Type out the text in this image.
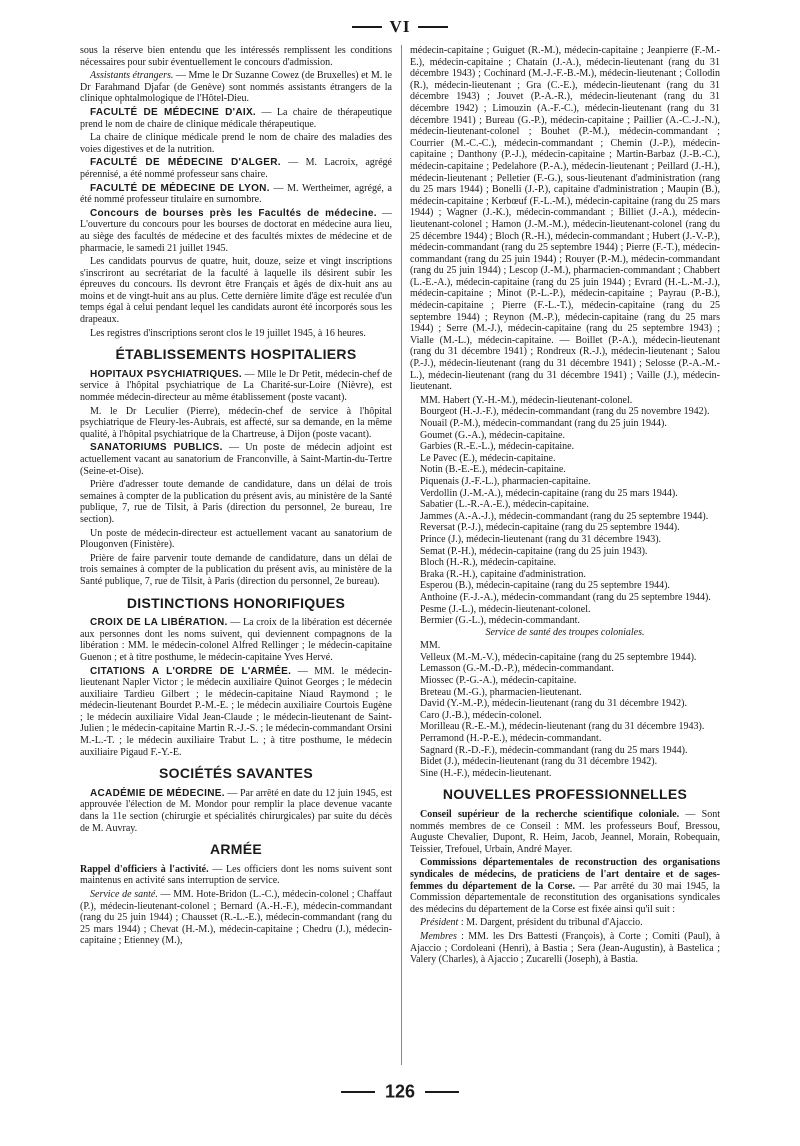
VI

sous la réserve bien entendu que les intéressés remplissent les conditions nécessaires pour subir éventuellement le concours d'admission.

Assistants étrangers. — Mme le Dr Suzanne Cowez (de Bruxelles) et M. le Dr Farahmand Djafar (de Genève) sont nommés assistants étrangers de la clinique ophtalmologique de l'Hôtel-Dieu.

FACULTÉ DE MÉDECINE D'AIX. — La chaire de thérapeutique prend le nom de chaire de clinique médicale thérapeutique.

La chaire de clinique médicale prend le nom de chaire des maladies des voies digestives et de la nutrition.

FACULTÉ DE MÉDECINE D'ALGER. — M. Lacroix, agrégé pérennisé, a été nommé professeur sans chaire.

FACULTÉ DE MÉDECINE DE LYON. — M. Wertheimer, agrégé, a été nommé professeur titulaire en surnombre.

Concours de bourses près les Facultés de médecine. — L'ouverture du concours pour les bourses de doctorat en médecine aura lieu, au siège des facultés de médecine et des facultés mixtes de médecine et de pharmacie, le samedi 21 juillet 1945.

Les candidats pourvus de quatre, huit, douze, seize et vingt inscriptions s'inscriront au secrétariat de la faculté à laquelle ils désirent subir les épreuves du concours. Ils devront être Français et âgés de dix-huit ans au moins et de vingt-huit ans au plus. Cette dernière limite d'âge est reculée d'un temps égal à celui pendant lequel les candidats auront été incorporés sous les drapeaux.

Les registres d'inscriptions seront clos le 19 juillet 1945, à 16 heures.

ÉTABLISSEMENTS HOSPITALIERS

HOPITAUX PSYCHIATRIQUES. — Mlle le Dr Petit, médecin-chef de service à l'hôpital psychiatrique de La Charité-sur-Loire (Nièvre), est nommée médecin-directeur au même établissement (poste vacant).

M. le Dr Leculier (Pierre), médecin-chef de service à l'hôpital psychiatrique de Fleury-les-Aubrais, est affecté, sur sa demande, en la même qualité, à l'hôpital psychiatrique de la Chartreuse, à Dijon (poste vacant).

SANATORIUMS PUBLICS. — Un poste de médecin adjoint est actuellement vacant au sanatorium de Franconville, à Saint-Martin-du-Tertre (Seine-et-Oise).

Prière d'adresser toute demande de candidature, dans un délai de trois semaines à compter de la publication du présent avis, au ministère de la Santé publique, 7, rue de Tilsit, à Paris (direction du personnel, 2e bureau, 1re section).

Un poste de médecin-directeur est actuellement vacant au sanatorium de Plougonven (Finistère).

Prière de faire parvenir toute demande de candidature, dans un délai de trois semaines à compter de la publication du présent avis, au ministère de la Santé publique, 7, rue de Tilsit, à Paris (direction du personnel, 2e bureau).

DISTINCTIONS HONORIFIQUES

CROIX DE LA LIBÉRATION. — La croix de la libération est décernée aux personnes dont les noms suivent, qui deviennent compagnons de la libération : MM. le médecin-colonel Alfred Rellinger ; le médecin-capitaine Guenon ; et à titre posthume, le médecin-capitaine Yves Hervé.

CITATIONS A L'ORDRE DE L'ARMÉE. — MM. le médecin-lieutenant Napler Victor ; le médecin auxiliaire Quinot Georges ; le médecin auxiliaire Tardieu Gilbert ; le médecin-capitaine Niaud Raymond ; le médecin-lieutenant Bourdet P.-M.-E. ; le médecin auxiliaire Courtois Eugène ; le médecin auxiliaire Vidal Jean-Claude ; le médecin-lieutenant de Saint-Julien ; le médecin-capitaine Martin R.-J.-S. ; le médecin-commandant Orsini M.-L.-T. ; le médecin auxiliaire Trabut L. ; à titre posthume, le médecin auxiliaire Pigaud F.-Y.-E.

SOCIÉTÉS SAVANTES

ACADÉMIE DE MÉDECINE. — Par arrêté en date du 12 juin 1945, est approuvée l'élection de M. Mondor pour remplir la place devenue vacante dans la 11e section (chirurgie et spécialités chirurgicales) par suite du décès de M. Auvray.

ARMÉE

Rappel d'officiers à l'activité. — Les officiers dont les noms suivent sont maintenus en activité sans interruption de service.

Service de santé. — MM. Hote-Bridon (L.-C.), médecin-colonel ; Chaffaut (P.), médecin-lieutenant-colonel ; Bernard (A.-H.-F.), médecin-commandant (rang du 25 juin 1944) ; Chausset (R.-L.-E.), médecin-commandant (rang du 25 mars 1944) ; Chevat (H.-M.), médecin-capitaine ; Chedru (J.), médecin-capitaine ; Etienney (M.),

médecin-capitaine ; Guiguet (R.-M.), médecin-capitaine ; Jeanpierre (F.-M.-E.), médecin-capitaine ; Chatain (J.-A.), médecin-lieutenant (rang du 31 décembre 1943) ; Cochinard (M.-J.-F.-B.-M.), médecin-lieutenant ; Collodin (R.), médecin-lieutenant ; Gra (C.-E.), médecin-lieutenant (rang du 31 décembre 1943) ; Jouvet (P.-A.-R.), médecin-lieutenant (rang du 31 décembre 1942) ; Limouzin (A.-F.-C.), médecin-lieutenant (rang du 31 décembre 1941) ; Bureau (G.-P.), médecin-capitaine ; Paillier (A.-C.-J.-N.), médecin-lieutenant-colonel ; Bouhet (P.-M.), médecin-commandant ; Courrier (M.-C.-C.), médecin-commandant ; Chemin (J.-P.), médecin-capitaine ; Danthony (P.-J.), médecin-capitaine ; Martin-Barbaz (J.-B.-C.), médecin-capitaine ; Pedelahore (P.-A.), médecin-lieutenant ; Peillard (J.-H.), médecin-lieutenant ; Pelletier (F.-G.), sous-lieutenant d'administration (rang du 25 mars 1944) ; Bonelli (J.-P.), capitaine d'administration ; Maupin (B.), médecin-capitaine ; Kerbœuf (F.-L.-M.), médecin-capitaine (rang du 25 mars 1944) ; Wagner (J.-K.), médecin-commandant ; Billiet (J.-A.), médecin-lieutenant-colonel ; Hamon (J.-M.-M.), médecin-lieutenant-colonel (rang du 25 décembre 1944) ; Bloch (R.-H.), médecin-commandant ; Hubert (J.-V.-P.), médecin-commandant (rang du 25 septembre 1944) ; Pierre (F.-T.), médecin-commandant (rang du 25 juin 1944) ; Rouyer (P.-M.), médecin-commandant (rang du 25 juin 1944) ; Lescop (J.-M.), pharmacien-commandant ; Chabbert (L.-E.-A.), médecin-capitaine (rang du 25 juin 1944) ; Evrard (H.-L.-M.-J.), médecin-capitaine ; Minot (P.-L.-P.), médecin-capitaine ; Payrau (P.-B.), médecin-capitaine ; Pierre (F.-L.-T.), médecin-capitaine (rang du 25 septembre 1944) ; Reynon (M.-P.), médecin-capitaine (rang du 25 mars 1944) ; Serre (M.-J.), médecin-capitaine (rang du 25 septembre 1943) ; Vialle (M.-L.), médecin-capitaine. — Boillet (P.-A.), médecin-lieutenant (rang du 31 décembre 1941) ; Rondreux (R.-J.), médecin-lieutenant ; Salou (P.-J.), médecin-lieutenant (rang du 31 décembre 1941) ; Selosse (P.-A.-M.-L.), médecin-lieutenant (rang du 31 décembre 1941) ; Vaille (J.), médecin-lieutenant.

MM. Habert (Y.-H.-M.), médecin-lieutenant-colonel.

Bourgeot (H.-J.-F.), médecin-commandant (rang du 25 novembre 1942).

Nouail (P.-M.), médecin-commandant (rang du 25 juin 1944).

Goumet (G.-A.), médecin-capitaine.

Garbies (R.-E.-L.), médecin-capitaine.

Le Pavec (E.), médecin-capitaine.

Notin (B.-E.-E.), médecin-capitaine.

Piquenais (J.-F.-L.), pharmacien-capitaine.

Verdollin (J.-M.-A.), médecin-capitaine (rang du 25 mars 1944).

Sabatier (L.-R.-A.-E.), médecin-capitaine.

Jammes (A.-A.-J.), médecin-commandant (rang du 25 septembre 1944).

Reversat (P.-J.), médecin-capitaine (rang du 25 septembre 1944).

Prince (J.), médecin-lieutenant (rang du 31 décembre 1943).

Semat (P.-H.), médecin-capitaine (rang du 25 juin 1943).

Bloch (H.-R.), médecin-capitaine.

Braka (R.-H.), capitaine d'administration.

Esperou (B.), médecin-capitaine (rang du 25 septembre 1944).

Anthoine (F.-J.-A.), médecin-commandant (rang du 25 septembre 1944).

Pesme (J.-L.), médecin-lieutenant-colonel.

Bermier (G.-L.), médecin-commandant.

Service de santé des troupes coloniales.

MM.

Velleux (M.-M.-V.), médecin-capitaine (rang du 25 septembre 1944).

Lemasson (G.-M.-D.-P.), médecin-commandant.

Miossec (P.-G.-A.), médecin-capitaine.

Breteau (M.-G.), pharmacien-lieutenant.

David (Y.-M.-P.), médecin-lieutenant (rang du 31 décembre 1942).

Caro (J.-B.), médecin-colonel.

Morilleau (R.-E.-M.), médecin-lieutenant (rang du 31 décembre 1943).

Perramond (H.-P.-E.), médecin-commandant.

Sagnard (R.-D.-F.), médecin-commandant (rang du 25 mars 1944).

Bidet (J.), médecin-lieutenant (rang du 31 décembre 1942).

Sine (H.-F.), médecin-lieutenant.

NOUVELLES PROFESSIONNELLES

Conseil supérieur de la recherche scientifique coloniale. — Sont nommés membres de ce Conseil : MM. les professeurs Bouf, Bressou, Auguste Chevalier, Dupont, R. Heim, Jacob, Jeannel, Morain, Robequain, Teissier, Trefouel, Urbain, André Mayer.

Commissions départementales de reconstruction des organisations syndicales de médecins, de praticiens de l'art dentaire et de sages-femmes du département de la Corse. — Par arrêté du 30 mai 1945, la Commission départementale de reconstitution des organisations syndicales des médecins du département de la Corse est fixée ainsi qu'il suit :

Président : M. Dargent, président du tribunal d'Ajaccio.

Membres : MM. les Drs Battesti (François), à Corte ; Comiti (Paul), à Ajaccio ; Cordoleani (Henri), à Bastia ; Sera (Jean-Augustin), à Bastelica ; Valery (Charles), à Ajaccio ; Zucarelli (Joseph), à Bastia.

126
